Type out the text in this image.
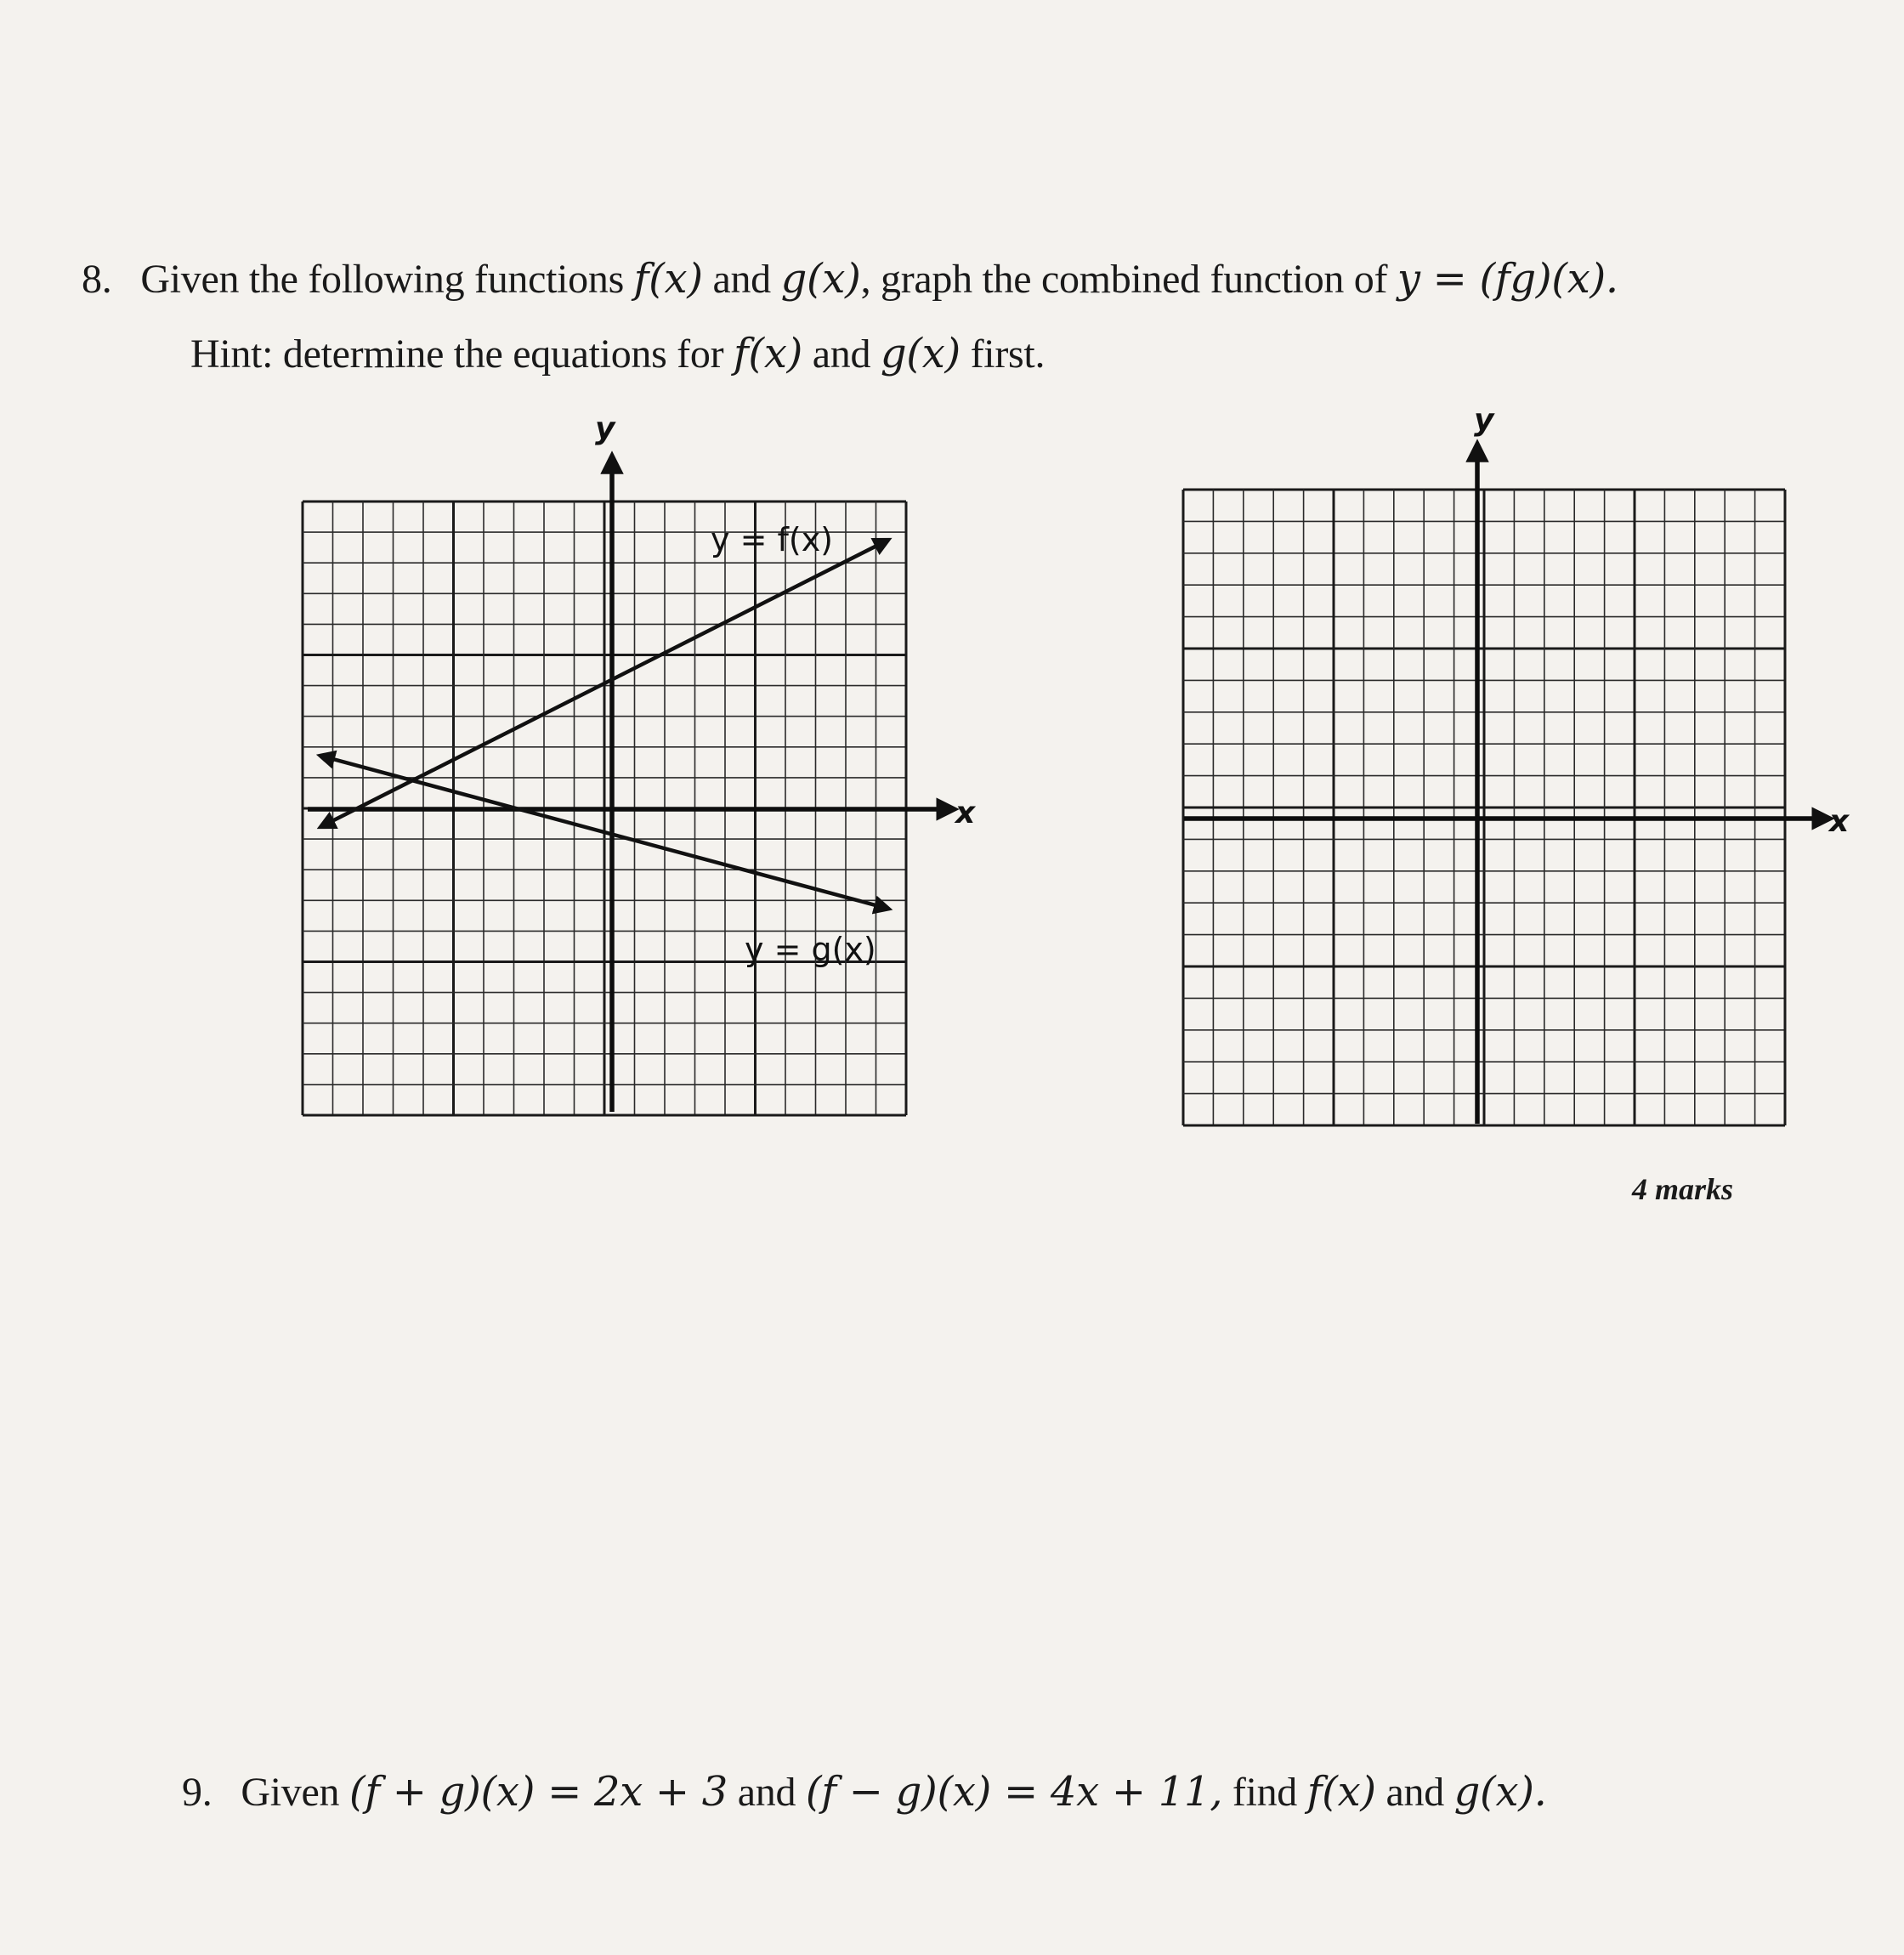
8. Given the following functions f(x) and g(x), graph the combined function of y = (fg)(x).
Hint: determine the equations for f(x) and g(x) first.
y
x
y = f(x)
y = g(x)
y
x
4 marks
9. Given (f + g)(x) = 2x + 3 and (f − g)(x) = 4x + 11, find f(x) and g(x).
